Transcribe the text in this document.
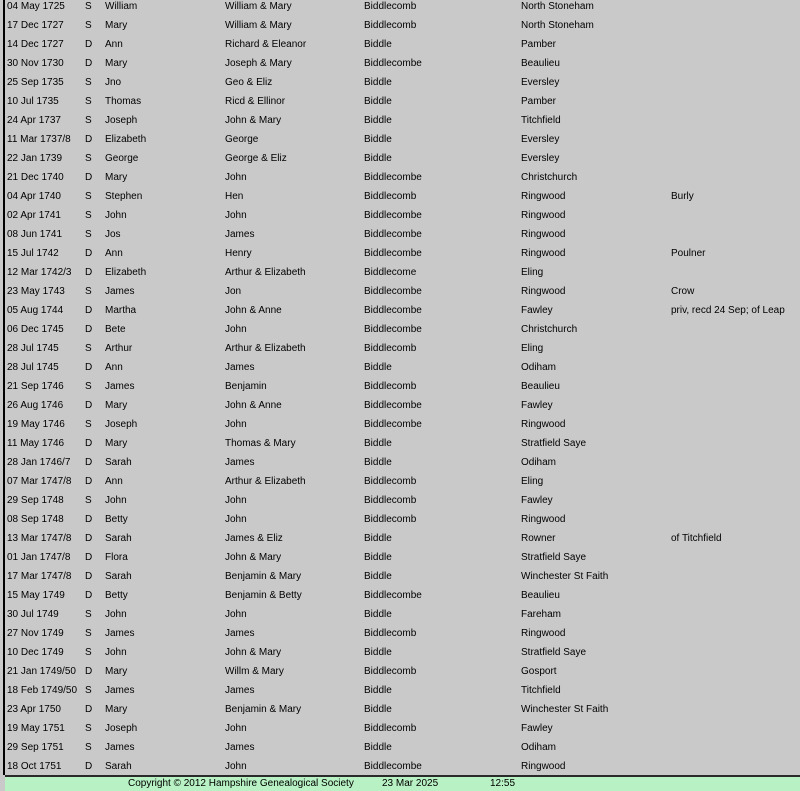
04 May 1725 S William	William & Mary	Biddlecomb	North Stoneham
17 Dec 1727 S Mary	William & Mary	Biddlecomb	North Stoneham
14 Dec 1727 D Ann	Richard & Eleanor	Biddle	Pamber
30 Nov 1730 D Mary	Joseph & Mary	Biddlecombe	Beaulieu
25 Sep 1735 S Jno	Geo & Eliz	Biddle	Eversley
10 Jul 1735	S Thomas	Ricd & Ellinor	Biddle	Pamber
24 Apr 1737 S Joseph	John & Mary	Biddle	Titchfield
11 Mar 1737/8 D Elizabeth	George	Biddle	Eversley
22 Jan 1739 S George	George & Eliz	Biddle	Eversley
21 Dec 1740 D Mary	John	Biddlecombe	Christchurch
04 Apr 1740 S Stephen	Hen	Biddlecomb	Ringwood	Burly
02 Apr 1741 S John	John	Biddlecombe	Ringwood
08 Jun 1741 S Jos	James	Biddlecombe	Ringwood
15 Jul 1742	D Ann	Henry	Biddlecombe	Ringwood	Poulner
12 Mar 1742/3 D Elizabeth	Arthur & Elizabeth	Biddlecome	Eling
23 May 1743 S James	Jon	Biddlecombe	Ringwood	Crow
05 Aug 1744 D Martha	John & Anne	Biddlecombe	Fawley	priv, recd 24 Sep; of Leap
06 Dec 1745 D Bete	John	Biddlecombe	Christchurch
28 Jul 1745	S Arthur	Arthur & Elizabeth	Biddlecomb	Eling
28 Jul 1745	D Ann	James	Biddle	Odiham
21 Sep 1746 S James	Benjamin	Biddlecomb	Beaulieu
26 Aug 1746 D Mary	John & Anne	Biddlecombe	Fawley
19 May 1746 S Joseph	John	Biddlecombe	Ringwood
11 May 1746 D Mary	Thomas & Mary	Biddle	Stratfield Saye
28 Jan 1746/7 D Sarah	James	Biddle	Odiham
07 Mar 1747/8 D Ann	Arthur & Elizabeth	Biddlecomb	Eling
29 Sep 1748 S John	John	Biddlecomb	Fawley
08 Sep 1748 D Betty	John	Biddlecomb	Ringwood
13 Mar 1747/8 D Sarah	James & Eliz	Biddle	Rowner	of Titchfield
01 Jan 1747/8 D Flora	John & Mary	Biddle	Stratfield Saye
17 Mar 1747/8 D Sarah	Benjamin & Mary	Biddle	Winchester St Faith
15 May 1749 D Betty	Benjamin & Betty	Biddlecombe	Beaulieu
30 Jul 1749	S John	John	Biddle	Fareham
27 Nov 1749 S James	James	Biddlecomb	Ringwood
10 Dec 1749 S John	John & Mary	Biddle	Stratfield Saye
21 Jan 1749/50 D Mary	Willm & Mary	Biddlecomb	Gosport
18 Feb 1749/50 S James	James	Biddle	Titchfield
23 Apr 1750 D Mary	Benjamin & Mary	Biddle	Winchester St Faith
19 May 1751 S Joseph	John	Biddlecomb	Fawley
29 Sep 1751 S James	James	Biddle	Odiham
18 Oct 1751 D Sarah	John	Biddlecombe	Ringwood
Copyright © 2012 Hampshire Genealogical Society	23 Mar 2025	12:55
